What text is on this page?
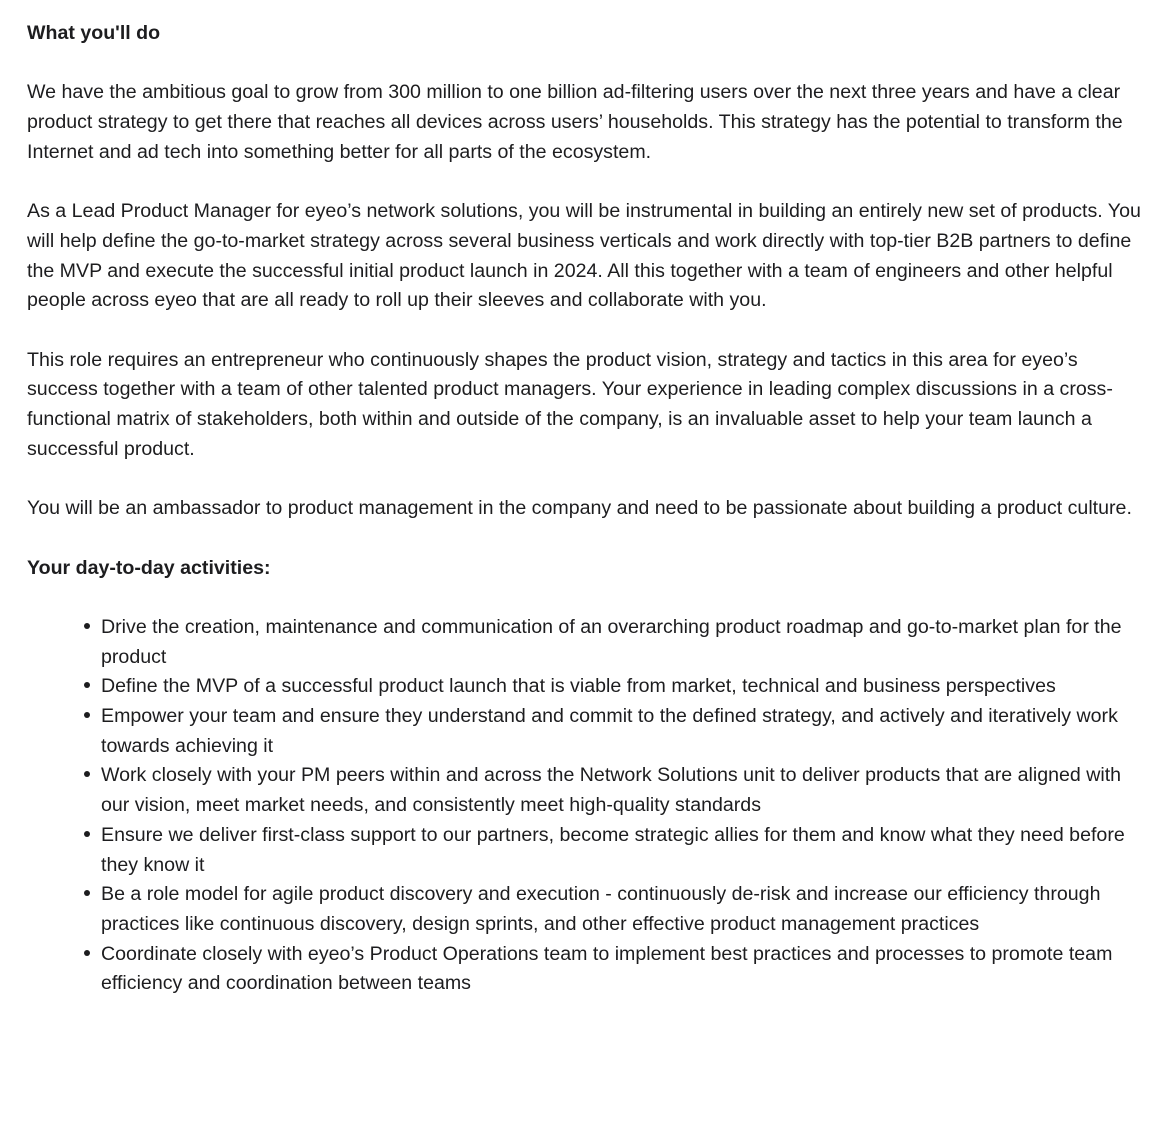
What you'll do

We have the ambitious goal to grow from 300 million to one billion ad-filtering users over the next three years and have a clear product strategy to get there that reaches all devices across users’ households. This strategy has the potential to transform the Internet and ad tech into something better for all parts of the ecosystem.

As a Lead Product Manager for eyeo’s network solutions, you will be instrumental in building an entirely new set of products. You will help define the go-to-market strategy across several business verticals and work directly with top-tier B2B partners to define the MVP and execute the successful initial product launch in 2024. All this together with a team of engineers and other helpful people across eyeo that are all ready to roll up their sleeves and collaborate with you.

This role requires an entrepreneur who continuously shapes the product vision, strategy and tactics in this area for eyeo’s success together with a team of other talented product managers. Your experience in leading complex discussions in a cross-functional matrix of stakeholders, both within and outside of the company, is an invaluable asset to help your team launch a successful product.

You will be an ambassador to product management in the company and need to be passionate about building a product culture.

Your day-to-day activities:
Drive the creation, maintenance and communication of an overarching product roadmap and go-to-market plan for the product
Define the MVP of a successful product launch that is viable from market, technical and business perspectives
Empower your team and ensure they understand and commit to the defined strategy, and actively and iteratively work towards achieving it
Work closely with your PM peers within and across the Network Solutions unit to deliver products that are aligned with our vision, meet market needs, and consistently meet high-quality standards
Ensure we deliver first-class support to our partners, become strategic allies for them and know what they need before they know it
Be a role model for agile product discovery and execution - continuously de-risk and increase our efficiency through practices like continuous discovery, design sprints, and other effective product management practices
Coordinate closely with eyeo’s Product Operations team to implement best practices and processes to promote team efficiency and coordination between teams
